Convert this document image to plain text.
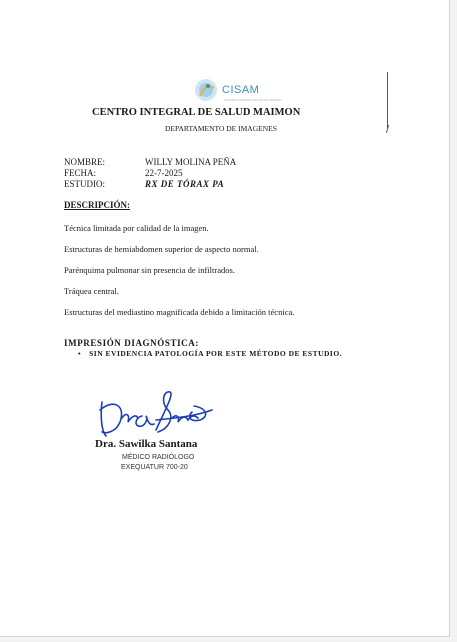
CISAM
CENTRO INTEGRAL DE SALUD MAIMON
/
CENTRO INTEGRAL DE SALUD MAIMON
DEPARTAMENTO DE IMAGENES
NOMBRE:	WILLY MOLINA PEÑA
FECHA:	22-7-2025
ESTUDIO:	RX DE TÓRAX PA
DESCRIPCIÓN:
Técnica limitada por calidad de la imagen.
Estructuras de hemiabdomen superior de aspecto normal.
Parénquima pulmonar sin presencia de infiltrados.
Tráquea central.
Estructuras del mediastino magnificada debido a limitación técnica.
IMPRESIÓN DIAGNÓSTICA:
• SIN EVIDENCIA PATOLOGÍA POR ESTE MÉTODO DE ESTUDIO.
Dra. Sawilka Santana
MÉDICO RADIÓLOGO
EXEQUATUR 700-20
